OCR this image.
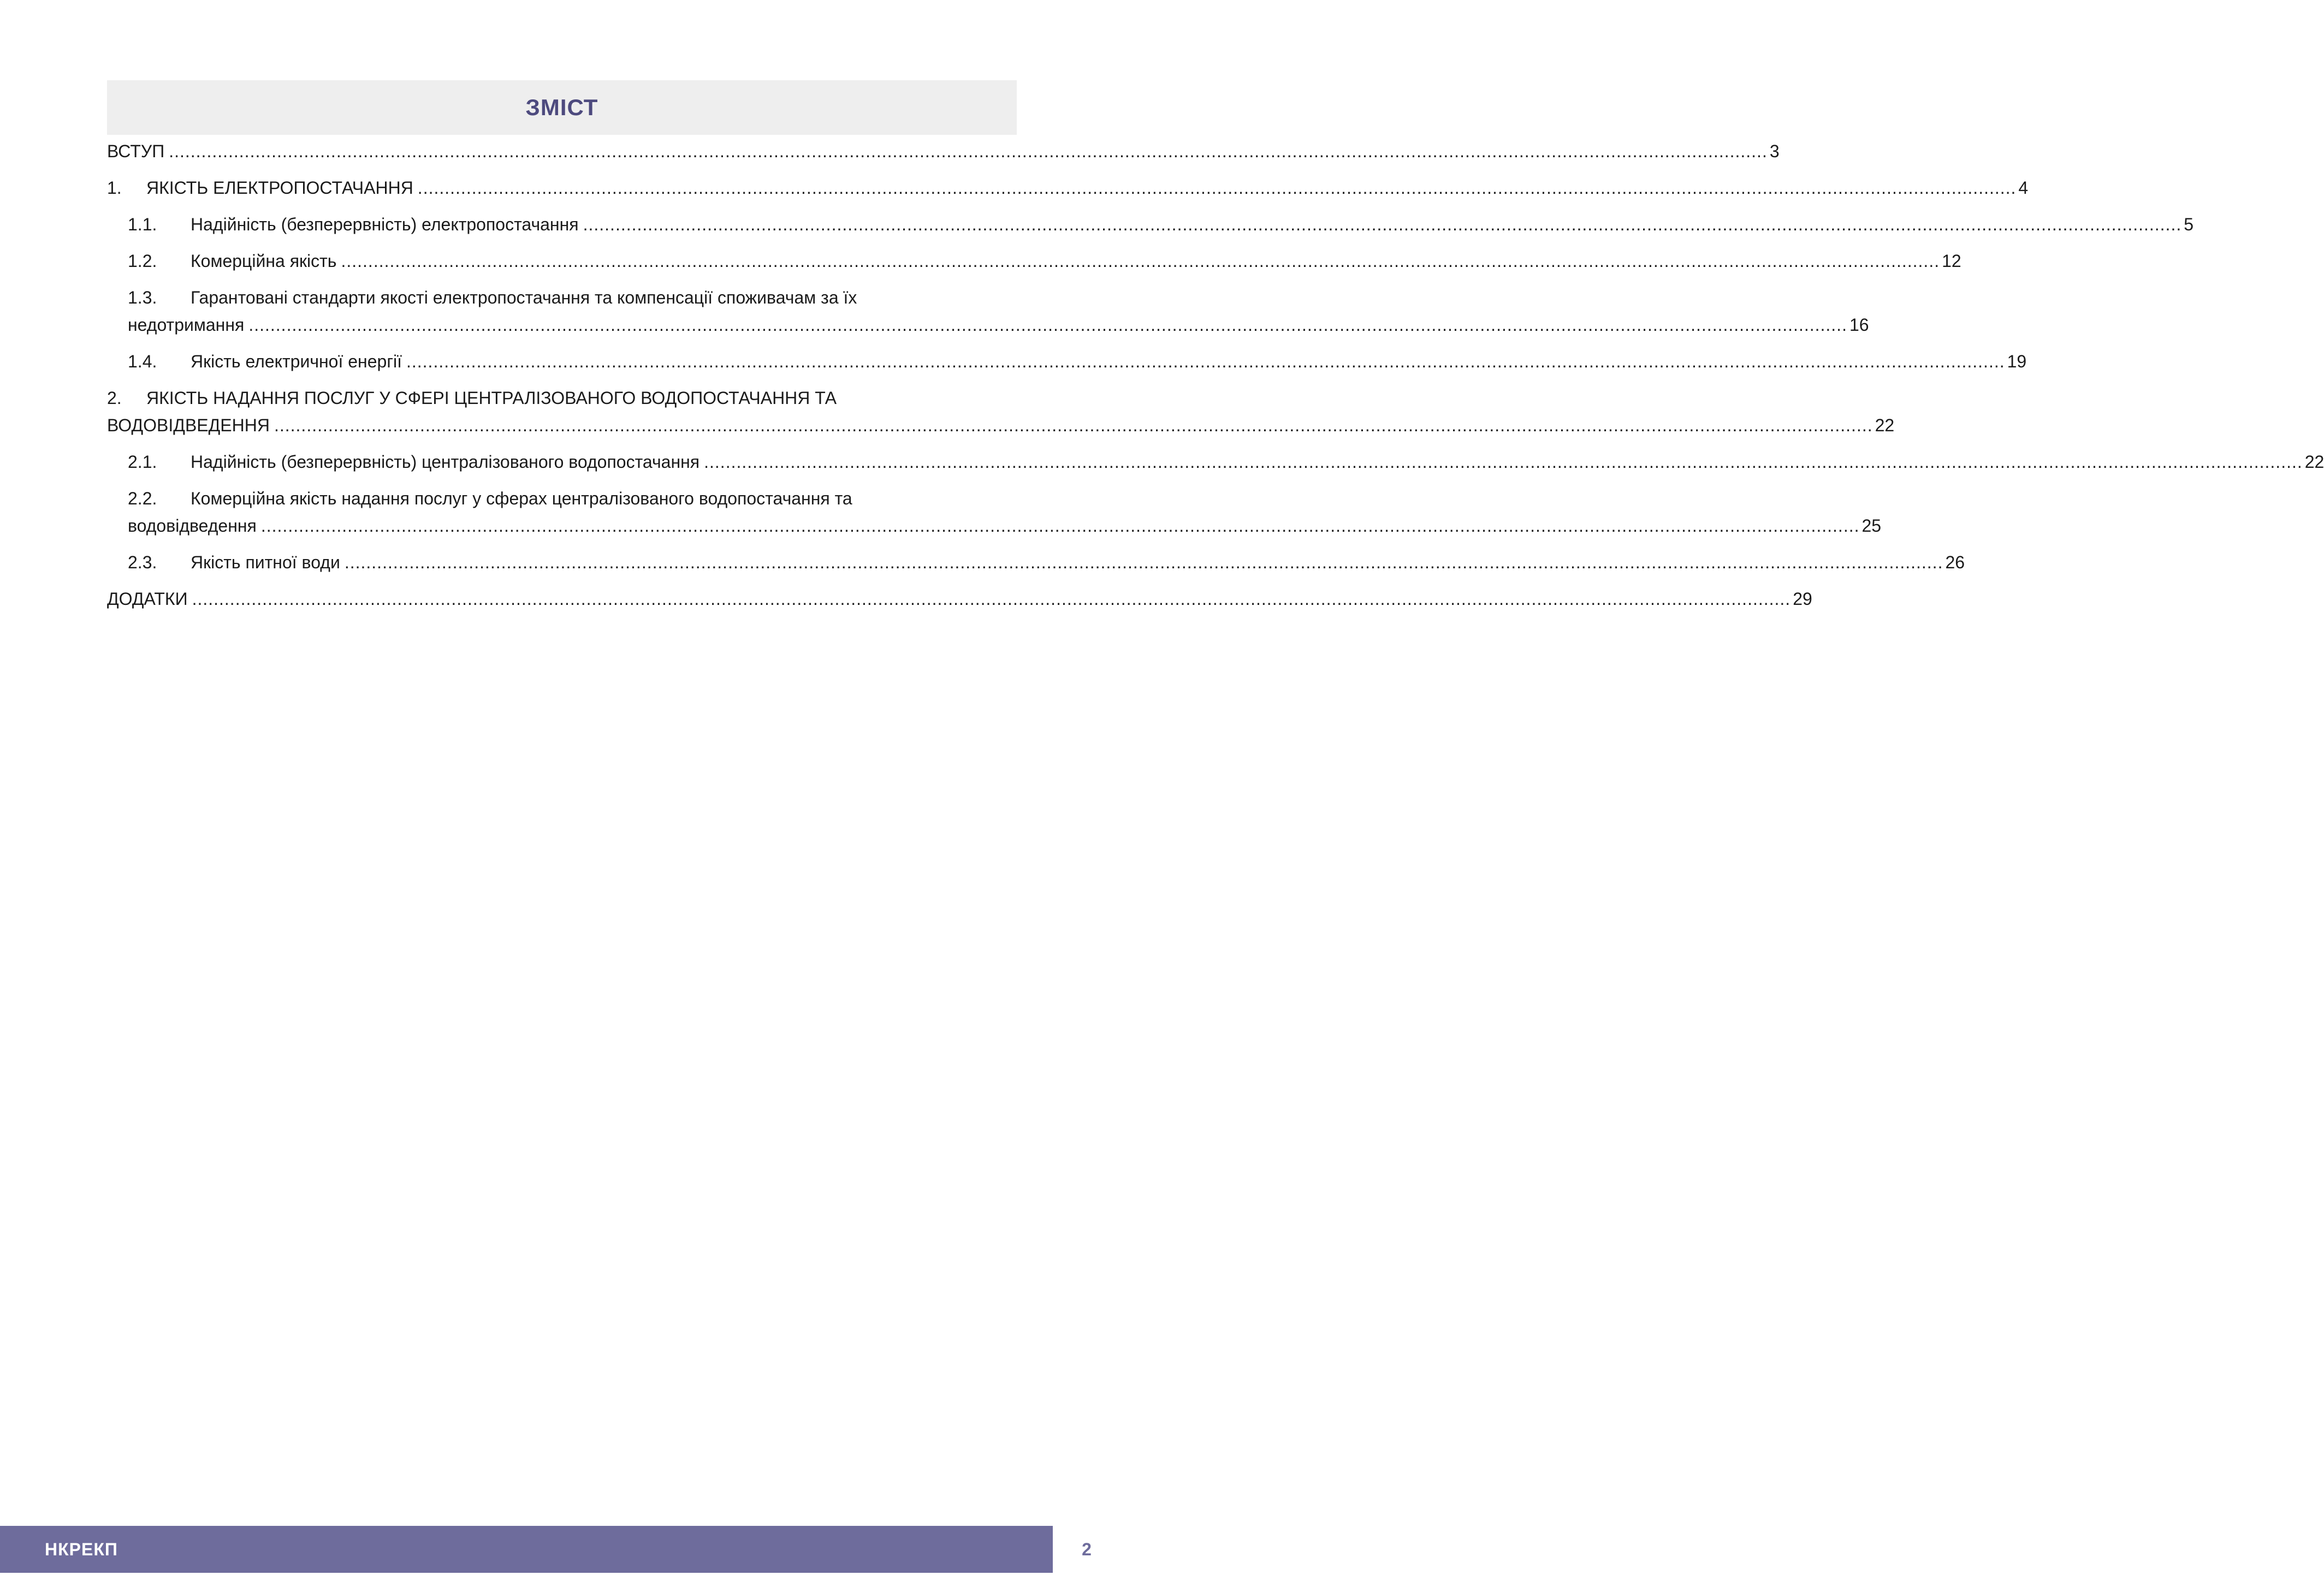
ЗМІСТ
ВСТУП .....	3
1.	ЯКІСТЬ ЕЛЕКТРОПОСТАЧАННЯ .....	4
1.1.	Надійність (безперервність) електропостачання .....	5
1.2.	Комерційна якість .....	12
1.3.	Гарантовані стандарти якості електропостачання та компенсації споживачам за їх
недотримання .....	16
1.4.	Якість електричної енергії .....	19
2.	ЯКІСТЬ НАДАННЯ ПОСЛУГ У СФЕРІ ЦЕНТРАЛІЗОВАНОГО ВОДОПОСТАЧАННЯ ТА
ВОДОВІДВЕДЕННЯ .....	22
2.1.	Надійність (безперервність) централізованого водопостачання .....	22
2.2.	Комерційна якість надання послуг у сферах централізованого водопостачання та
водовідведення .....	25
2.3.	Якість питної води .....	26
ДОДАТКИ .....	29
НКРЕКП	2
